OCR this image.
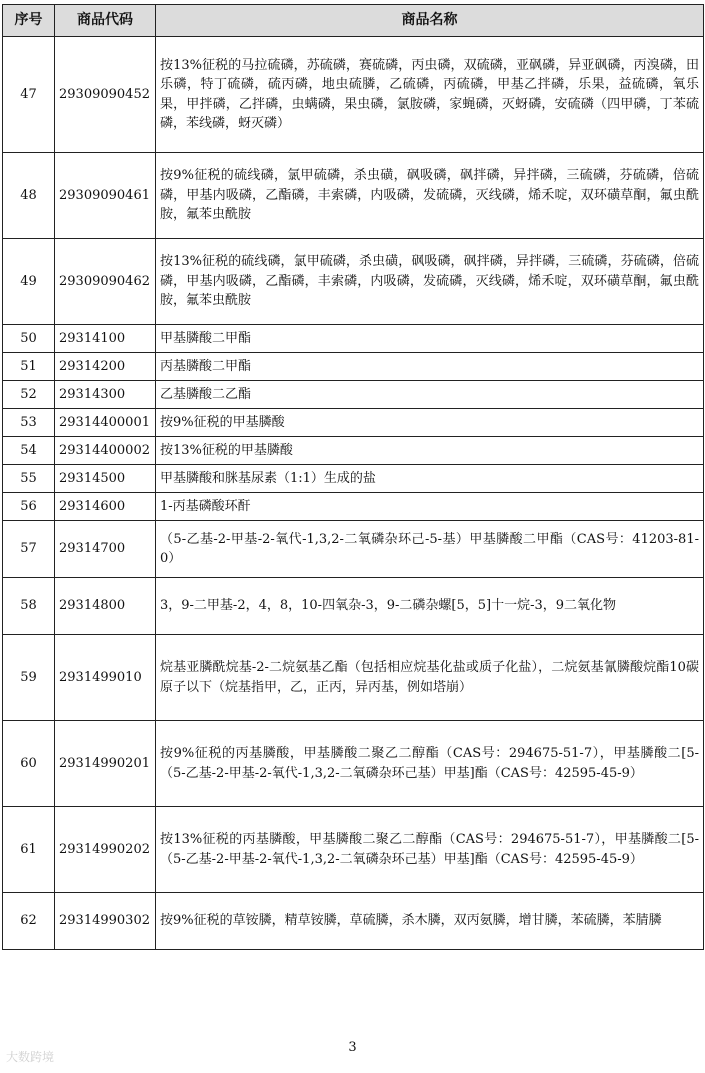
序号	商品代码	商品名称
47	29309090452	按13%征税的马拉硫磷，苏硫磷，赛硫磷，丙虫磷，双硫磷，亚砜磷，异亚砜磷，丙溴磷，田乐磷，特丁硫磷，硫丙磷，地虫硫膦，乙硫磷，丙硫磷，甲基乙拌磷，乐果，益硫磷，氧乐果，甲拌磷，乙拌磷，虫螨磷，果虫磷，氯胺磷，家蝇磷，灭蚜磷，安硫磷（四甲磷，丁苯硫磷，苯线磷，蚜灭磷）
48	29309090461	按9%征税的硫线磷，氯甲硫磷，杀虫磺，砜吸磷，砜拌磷，异拌磷，三硫磷，芬硫磷，倍硫磷，甲基内吸磷，乙酯磷，丰索磷，内吸磷，发硫磷，灭线磷，烯禾啶，双环磺草酮，氟虫酰胺，氟苯虫酰胺
49	29309090462	按13%征税的硫线磷，氯甲硫磷，杀虫磺，砜吸磷，砜拌磷，异拌磷，三硫磷，芬硫磷，倍硫磷，甲基内吸磷，乙酯磷，丰索磷，内吸磷，发硫磷，灭线磷，烯禾啶，双环磺草酮，氟虫酰胺，氟苯虫酰胺
50	29314100	甲基膦酸二甲酯
51	29314200	丙基膦酸二甲酯
52	29314300	乙基膦酸二乙酯
53	29314400001	按9%征税的甲基膦酸
54	29314400002	按13%征税的甲基膦酸
55	29314500	甲基膦酸和脒基尿素（1:1）生成的盐
56	29314600	1-丙基磷酸环酐
57	29314700	（5-乙基-2-甲基-2-氧代-1,3,2-二氧磷杂环己-5-基）甲基膦酸二甲酯（CAS号：41203-81-0）
58	29314800	3，9-二甲基-2，4，8，10-四氧杂-3，9-二磷杂螺[5，5]十一烷-3，9二氧化物
59	2931499010	烷基亚膦酰烷基-2-二烷氨基乙酯（包括相应烷基化盐或质子化盐），二烷氨基氰膦酸烷酯10碳原子以下（烷基指甲，乙，正丙，异丙基，例如塔崩）
60	29314990201	按9%征税的丙基膦酸，甲基膦酸二聚乙二醇酯（CAS号：294675-51-7），甲基膦酸二[5-（5-乙基-2-甲基-2-氧代-1,3,2-二氧磷杂环己基）甲基]酯（CAS号：42595-45-9）
61	29314990202	按13%征税的丙基膦酸，甲基膦酸二聚乙二醇酯（CAS号：294675-51-7），甲基膦酸二[5-（5-乙基-2-甲基-2-氧代-1,3,2-二氧磷杂环己基）甲基]酯（CAS号：42595-45-9）
62	29314990302	按9%征税的草铵膦，精草铵膦，草硫膦，杀木膦，双丙氨膦，增甘膦，苯硫膦，苯腈膦
3
大数跨境
